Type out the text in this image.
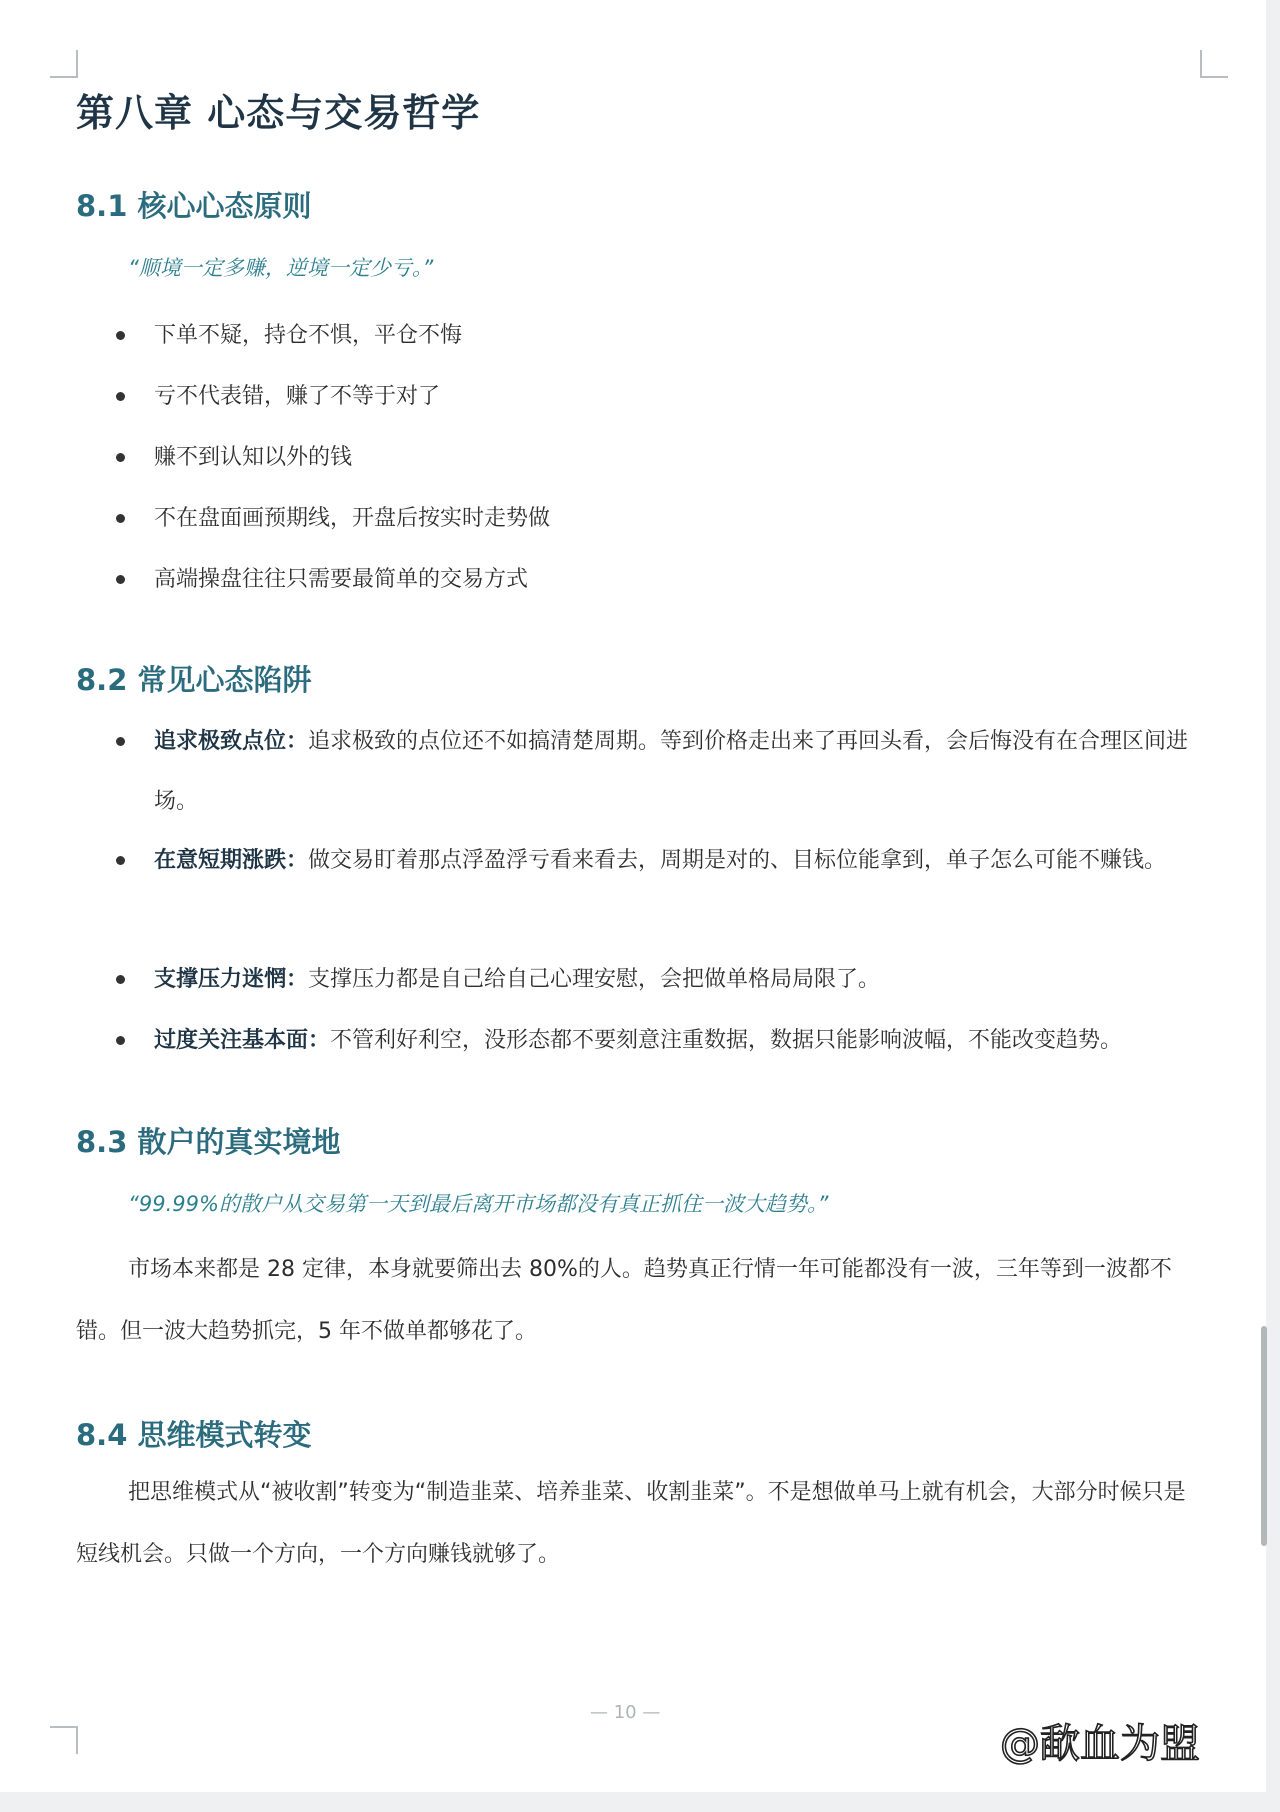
第八章 心态与交易哲学
8.1 核心心态原则
“顺境一定多赚，逆境一定少亏。”
下单不疑，持仓不惧，平仓不悔
亏不代表错，赚了不等于对了
赚不到认知以外的钱
不在盘面画预期线，开盘后按实时走势做
高端操盘往往只需要最简单的交易方式
8.2 常见心态陷阱
追求极致点位：追求极致的点位还不如搞清楚周期。等到价格走出来了再回头看，会后悔没有在合理区间进场。
在意短期涨跌：做交易盯着那点浮盈浮亏看来看去，周期是对的、目标位能拿到，单子怎么可能不赚钱。
支撑压力迷惘：支撑压力都是自己给自己心理安慰，会把做单格局局限了。
过度关注基本面：不管利好利空，没形态都不要刻意注重数据，数据只能影响波幅，不能改变趋势。
8.3 散户的真实境地
“99.99%的散户从交易第一天到最后离开市场都没有真正抓住一波大趋势。”
市场本来都是 28 定律，本身就要筛出去 80%的人。趋势真正行情一年可能都没有一波，三年等到一波都不错。但一波大趋势抓完，5 年不做单都够花了。
8.4 思维模式转变
把思维模式从“被收割”转变为“制造韭菜、培养韭菜、收割韭菜”。不是想做单马上就有机会，大部分时候只是短线机会。只做一个方向，一个方向赚钱就够了。
— 10 —
@歃血为盟
